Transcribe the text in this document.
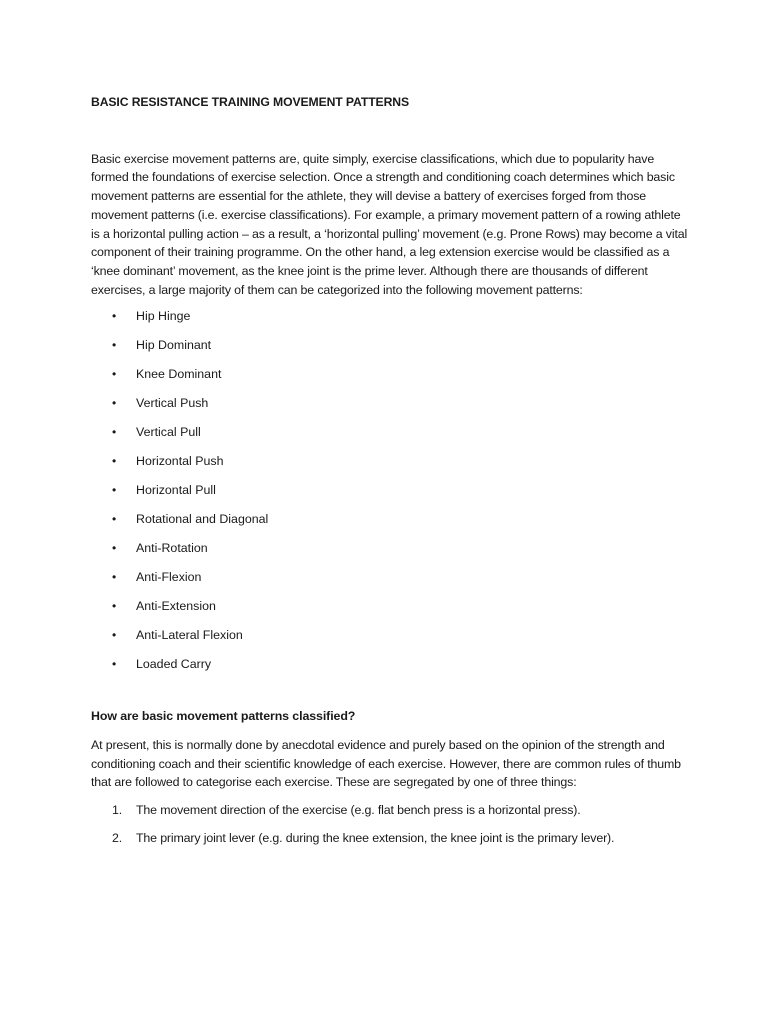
BASIC RESISTANCE TRAINING MOVEMENT PATTERNS

Basic exercise movement patterns are, quite simply, exercise classifications, which due to popularity have formed the foundations of exercise selection. Once a strength and conditioning coach determines which basic movement patterns are essential for the athlete, they will devise a battery of exercises forged from those movement patterns (i.e. exercise classifications). For example, a primary movement pattern of a rowing athlete is a horizontal pulling action – as a result, a ‘horizontal pulling’ movement (e.g. Prone Rows) may become a vital component of their training programme. On the other hand, a leg extension exercise would be classified as a ‘knee dominant’ movement, as the knee joint is the prime lever. Although there are thousands of different exercises, a large majority of them can be categorized into the following movement patterns:

• Hip Hinge
• Hip Dominant
• Knee Dominant
• Vertical Push
• Vertical Pull
• Horizontal Push
• Horizontal Pull
• Rotational and Diagonal
• Anti-Rotation
• Anti-Flexion
• Anti-Extension
• Anti-Lateral Flexion
• Loaded Carry

How are basic movement patterns classified?

At present, this is normally done by anecdotal evidence and purely based on the opinion of the strength and conditioning coach and their scientific knowledge of each exercise. However, there are common rules of thumb that are followed to categorise each exercise. These are segregated by one of three things:

1. The movement direction of the exercise (e.g. flat bench press is a horizontal press).
2. The primary joint lever (e.g. during the knee extension, the knee joint is the primary lever).
